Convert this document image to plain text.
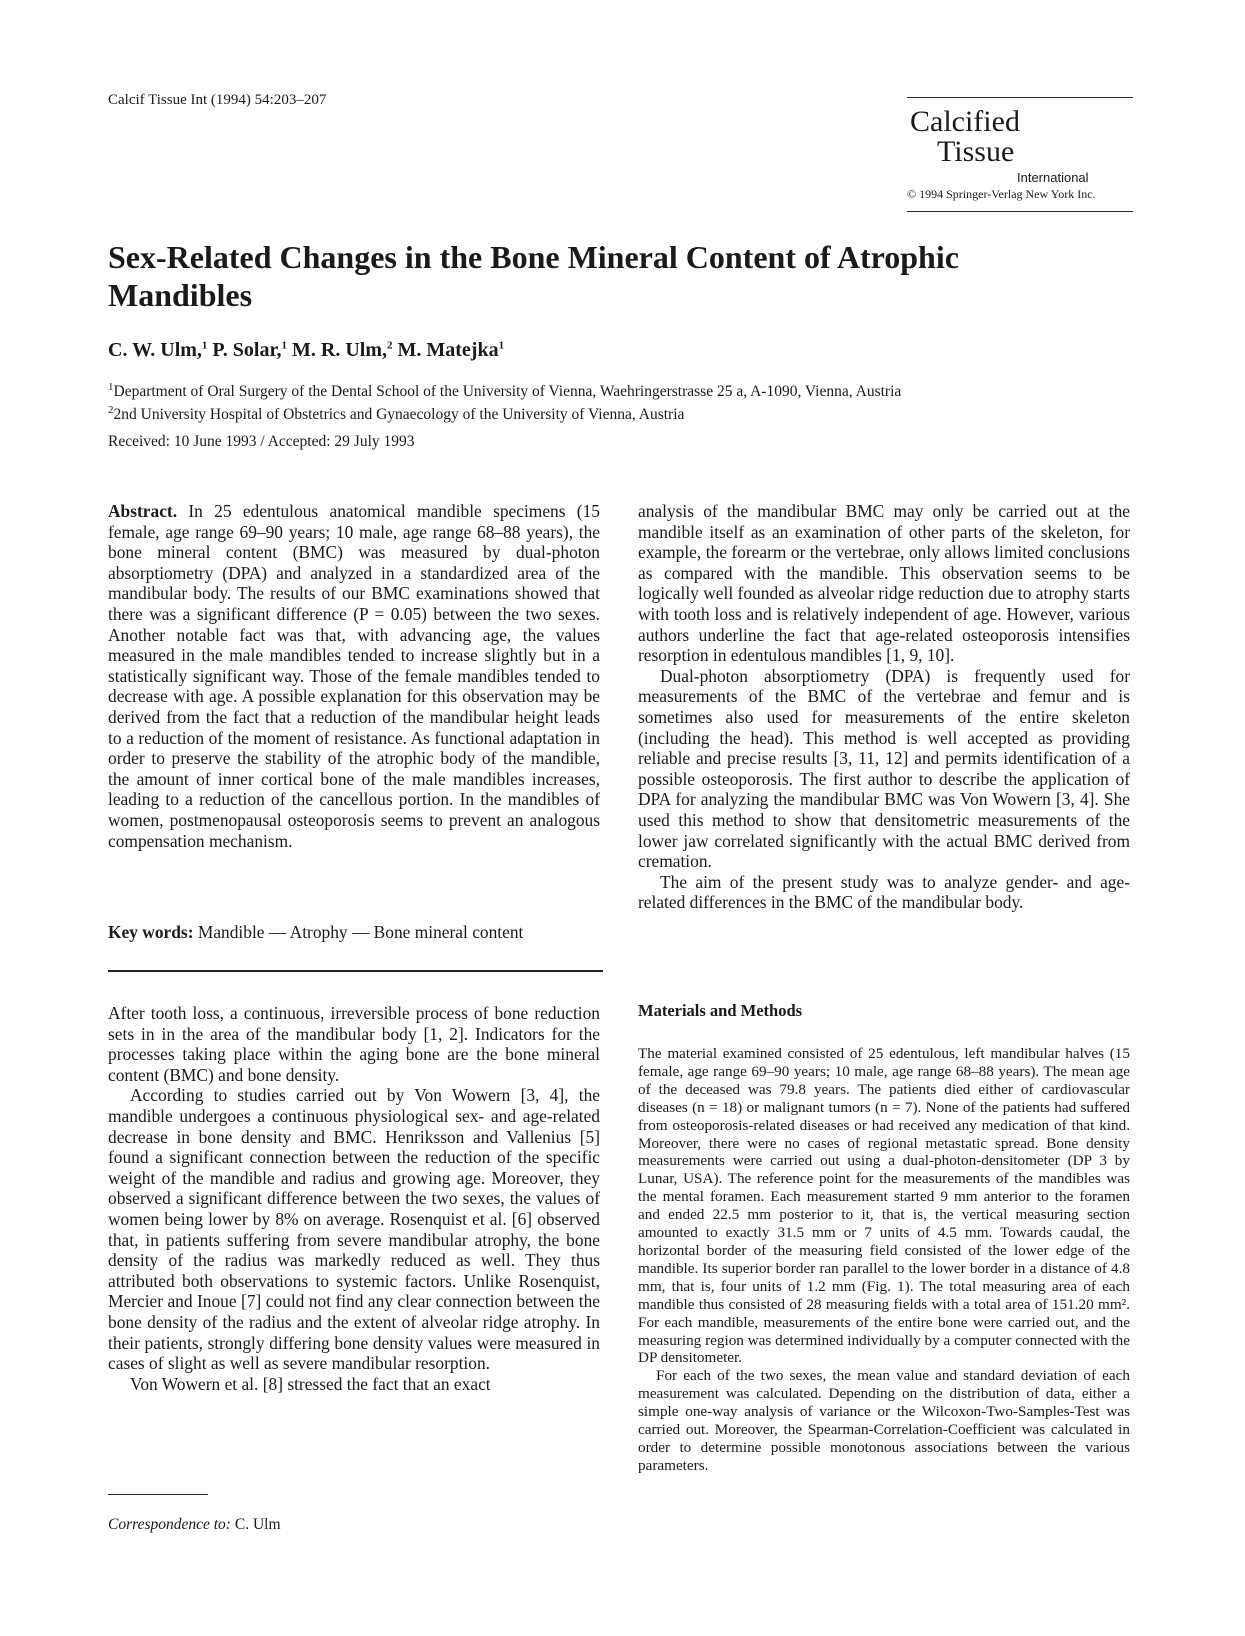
Calcif Tissue Int (1994) 54:203–207
Calcified
Tissue
International
© 1994 Springer-Verlag New York Inc.
Sex-Related Changes in the Bone Mineral Content of Atrophic Mandibles
C. W. Ulm,$^1$ P. Solar,$^1$ M. R. Ulm,$^2$ M. Matejka$^1$
$^1$Department of Oral Surgery of the Dental School of the University of Vienna, Waehringerstrasse 25 a, A-1090, Vienna, Austria
$^2$2nd University Hospital of Obstetrics and Gynaecology of the University of Vienna, Austria
Received: 10 June 1993 / Accepted: 29 July 1993

Abstract. In 25 edentulous anatomical mandible specimens (15 female, age range 69–90 years; 10 male, age range 68–88 years), the bone mineral content (BMC) was measured by dual-photon absorptiometry (DPA) and analyzed in a standardized area of the mandibular body. The results of our BMC examinations showed that there was a significant difference (P = 0.05) between the two sexes. Another notable fact was that, with advancing age, the values measured in the male mandibles tended to increase slightly but in a statistically significant way. Those of the female mandibles tended to decrease with age. A possible explanation for this observation may be derived from the fact that a reduction of the mandibular height leads to a reduction of the moment of resistance. As functional adaptation in order to preserve the stability of the atrophic body of the mandible, the amount of inner cortical bone of the male mandibles increases, leading to a reduction of the cancellous portion. In the mandibles of women, postmenopausal osteoporosis seems to prevent an analogous compensation mechanism.

Key words: Mandible — Atrophy — Bone mineral content

After tooth loss, a continuous, irreversible process of bone reduction sets in in the area of the mandibular body [1, 2]. Indicators for the processes taking place within the aging bone are the bone mineral content (BMC) and bone density.

According to studies carried out by Von Wowern [3, 4], the mandible undergoes a continuous physiological sex- and age-related decrease in bone density and BMC. Henriksson and Vallenius [5] found a significant connection between the reduction of the specific weight of the mandible and radius and growing age. Moreover, they observed a significant difference between the two sexes, the values of women being lower by 8% on average. Rosenquist et al. [6] observed that, in patients suffering from severe mandibular atrophy, the bone density of the radius was markedly reduced as well. They thus attributed both observations to systemic factors. Unlike Rosenquist, Mercier and Inoue [7] could not find any clear connection between the bone density of the radius and the extent of alveolar ridge atrophy. In their patients, strongly differing bone density values were measured in cases of slight as well as severe mandibular resorption.

Von Wowern et al. [8] stressed the fact that an exact

Correspondence to: C. Ulm

analysis of the mandibular BMC may only be carried out at the mandible itself as an examination of other parts of the skeleton, for example, the forearm or the vertebrae, only allows limited conclusions as compared with the mandible. This observation seems to be logically well founded as alveolar ridge reduction due to atrophy starts with tooth loss and is relatively independent of age. However, various authors underline the fact that age-related osteoporosis intensifies resorption in edentulous mandibles [1, 9, 10].

Dual-photon absorptiometry (DPA) is frequently used for measurements of the BMC of the vertebrae and femur and is sometimes also used for measurements of the entire skeleton (including the head). This method is well accepted as providing reliable and precise results [3, 11, 12] and permits identification of a possible osteoporosis. The first author to describe the application of DPA for analyzing the mandibular BMC was Von Wowern [3, 4]. She used this method to show that densitometric measurements of the lower jaw correlated significantly with the actual BMC derived from cremation.

The aim of the present study was to analyze gender- and age-related differences in the BMC of the mandibular body.

Materials and Methods

The material examined consisted of 25 edentulous, left mandibular halves (15 female, age range 69–90 years; 10 male, age range 68–88 years). The mean age of the deceased was 79.8 years. The patients died either of cardiovascular diseases (n = 18) or malignant tumors (n = 7). None of the patients had suffered from osteoporosis-related diseases or had received any medication of that kind. Moreover, there were no cases of regional metastatic spread. Bone density measurements were carried out using a dual-photon-densitometer (DP 3 by Lunar, USA). The reference point for the measurements of the mandibles was the mental foramen. Each measurement started 9 mm anterior to the foramen and ended 22.5 mm posterior to it, that is, the vertical measuring section amounted to exactly 31.5 mm or 7 units of 4.5 mm. Towards caudal, the horizontal border of the measuring field consisted of the lower edge of the mandible. Its superior border ran parallel to the lower border in a distance of 4.8 mm, that is, four units of 1.2 mm (Fig. 1). The total measuring area of each mandible thus consisted of 28 measuring fields with a total area of 151.20 mm². For each mandible, measurements of the entire bone were carried out, and the measuring region was determined individually by a computer connected with the DP densitometer.

For each of the two sexes, the mean value and standard deviation of each measurement was calculated. Depending on the distribution of data, either a simple one-way analysis of variance or the Wilcoxon-Two-Samples-Test was carried out. Moreover, the Spearman-Correlation-Coefficient was calculated in order to determine possible monotonous associations between the various parameters.
